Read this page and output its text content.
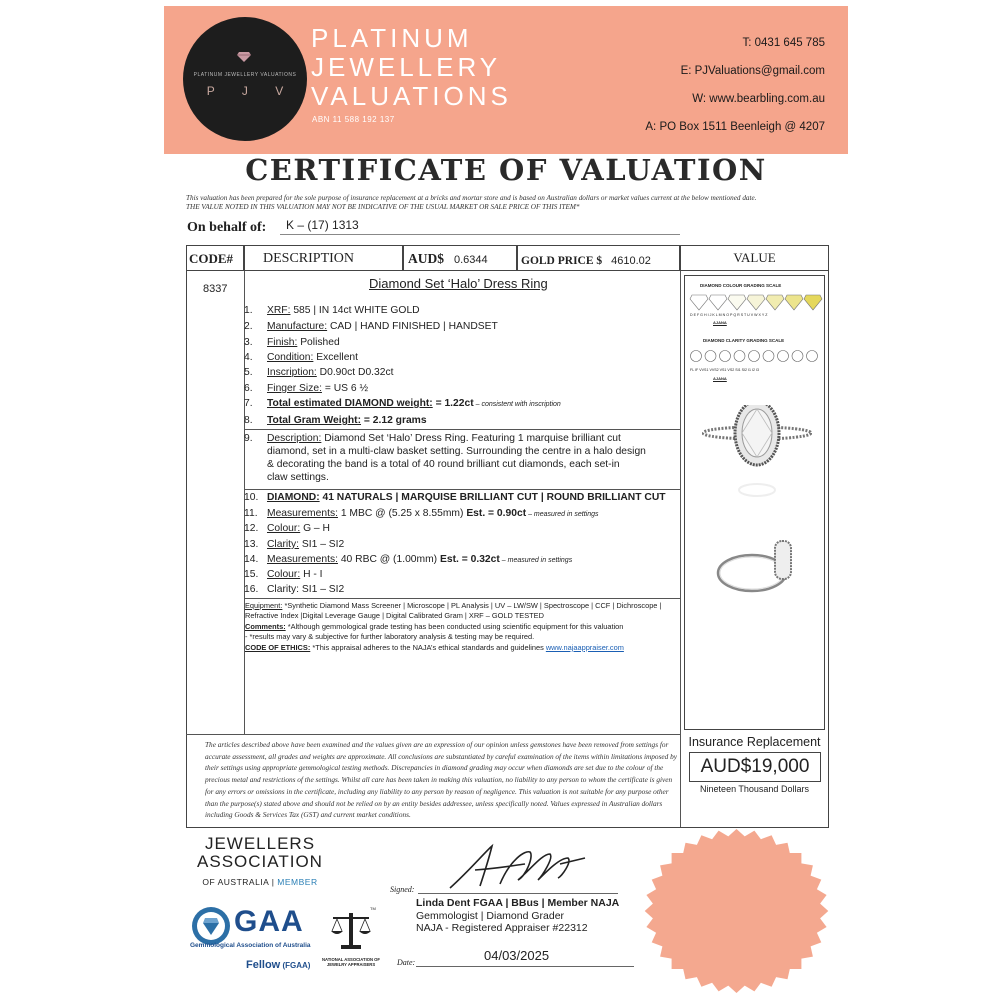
PLATINUM JEWELLERY VALUATIONS
P J V
PLATINUM
JEWELLERY
VALUATIONS
ABN 11 588 192 137
T: 0431 645 785
E: PJValuations@gmail.com
W: www.bearbling.com.au
A: PO Box 1511 Beenleigh @ 4207
CERTIFICATE OF VALUATION
This valuation has been prepared for the sole purpose of insurance replacement at a bricks and mortar store and is based on Australian dollars or market values current at the below mentioned date.
THE VALUE NOTED IN THIS VALUATION MAY NOT BE INDICATIVE OF THE USUAL MARKET OR SALE PRICE OF THIS ITEM*
On behalf of: K – (17) 1313
CODE#	DESCRIPTION	AUD$ 0.6344	GOLD PRICE $ 4610.02	VALUE
8337	Diamond Set ‘Halo’ Dress Ring
1. XRF: 585 | IN 14ct WHITE GOLD
2. Manufacture: CAD | HAND FINISHED | HANDSET
3. Finish: Polished
4. Condition: Excellent
5. Inscription: D0.90ct D0.32ct
6. Finger Size: = US 6 ½
7. Total estimated DIAMOND weight: = 1.22ct – consistent with inscription
8. Total Gram Weight: = 2.12 grams
9. Description: Diamond Set ‘Halo’ Dress Ring. Featuring 1 marquise brilliant cut
diamond, set in a multi-claw basket setting. Surrounding the centre in a halo design
& decorating the band is a total of 40 round brilliant cut diamonds, each set-in
claw settings.
10. DIAMOND: 41 NATURALS | MARQUISE BRILLIANT CUT | ROUND BRILLIANT CUT
11. Measurements: 1 MBC @ (5.25 x 8.55mm) Est. = 0.90ct – measured in settings
12. Colour: G – H
13. Clarity: SI1 – SI2
14. Measurements: 40 RBC @ (1.00mm) Est. = 0.32ct – measured in settings
15. Colour: H - I
16. Clarity: SI1 – SI2
Equipment: *Synthetic Diamond Mass Screener | Microscope | PL Analysis | UV – LW/SW | Spectroscope | CCF | Dichroscope |
Refractive Index |Digital Leverage Gauge | Digital Calibrated Gram | XRF – GOLD TESTED
Comments: *Although gemmological grade testing has been conducted using scientific equipment for this valuation
- *results may vary & subjective for further laboratory analysis & testing may be required.
CODE OF ETHICS: *This appraisal adheres to the NAJA’s ethical standards and guidelines www.najaappraiser.com
DIAMOND COLOUR GRADING SCALE
D E F G H I J K L M N O P Q R S T U V W X Y Z
AJANA
DIAMOND CLARITY GRADING SCALE
FL IF VVS1 VVS2 VS1 VS2 SI1 SI2 I1 I2 I3
AJANA
The articles described above have been examined and the values given are an expression of our opinion unless gemstones have been removed from settings for accurate assessment, all grades and weights are approximate. All conclusions are substantiated by careful examination of the items within limitations imposed by their settings using appropriate gemmological testing methods. Discrepancies in diamond grading may occur when diamonds are set due to the colour of the precious metal and restrictions of the settings. Whilst all care has been taken in making this valuation, no liability to any person to whom the certificate is given for any errors or omissions in the certificate, including any liability to any person by reason of negligence. This valuation is not suitable for any purpose other than the purpose(s) stated above and should not be relied on by an entity besides addressee, unless specifically noted. Values expressed in Australian dollars including Goods & Services Tax (GST) and current market conditions.
Insurance Replacement
AUD$19,000
Nineteen Thousand Dollars
JEWELLERS
ASSOCIATION
OF AUSTRALIA | MEMBER
GAA
Gemmological Association of Australia
Fellow (FGAA)
TM
NATIONAL ASSOCIATION OF
JEWELRY APPRAISERS
Signed:
Linda Dent FGAA | BBus | Member NAJA
Gemmologist | Diamond Grader
NAJA - Registered Appraiser #22312
Date:	04/03/2025
